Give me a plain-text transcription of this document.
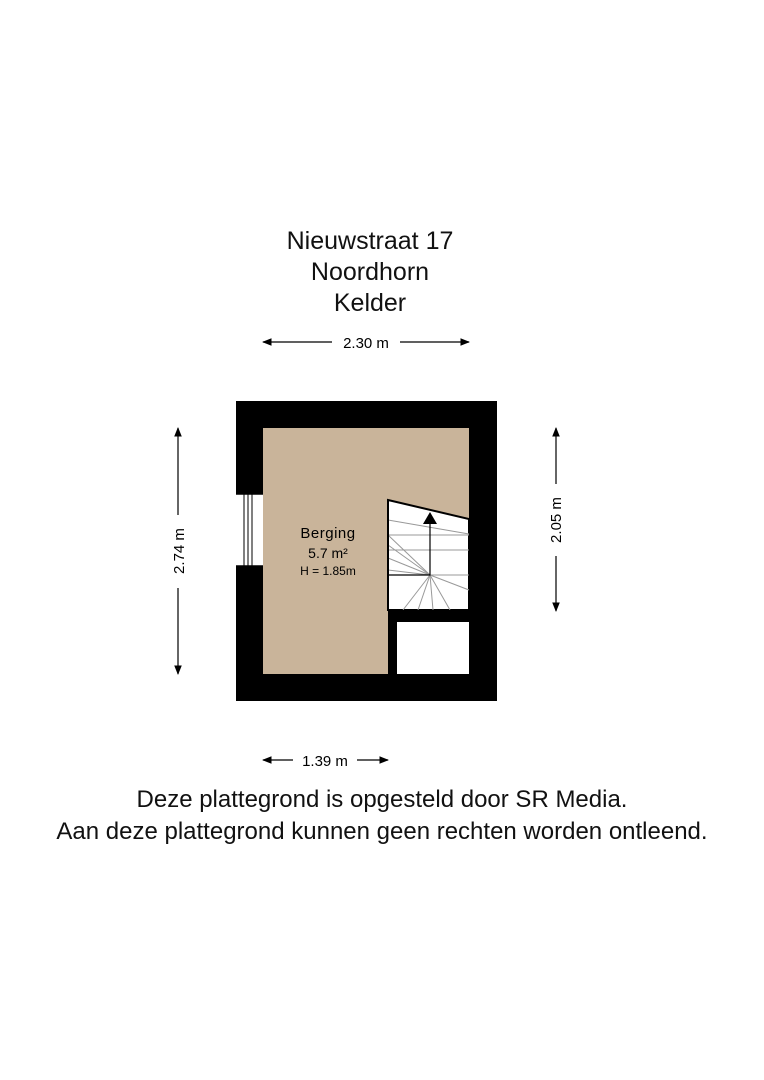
Nieuwstraat 17
Noordhorn
Kelder
2.30 m
2.74 m
2.05 m
1.39 m
Berging
5.7 m²
H = 1.85m
Deze plattegrond is opgesteld door SR Media.
Aan deze plattegrond kunnen geen rechten worden ontleend.
